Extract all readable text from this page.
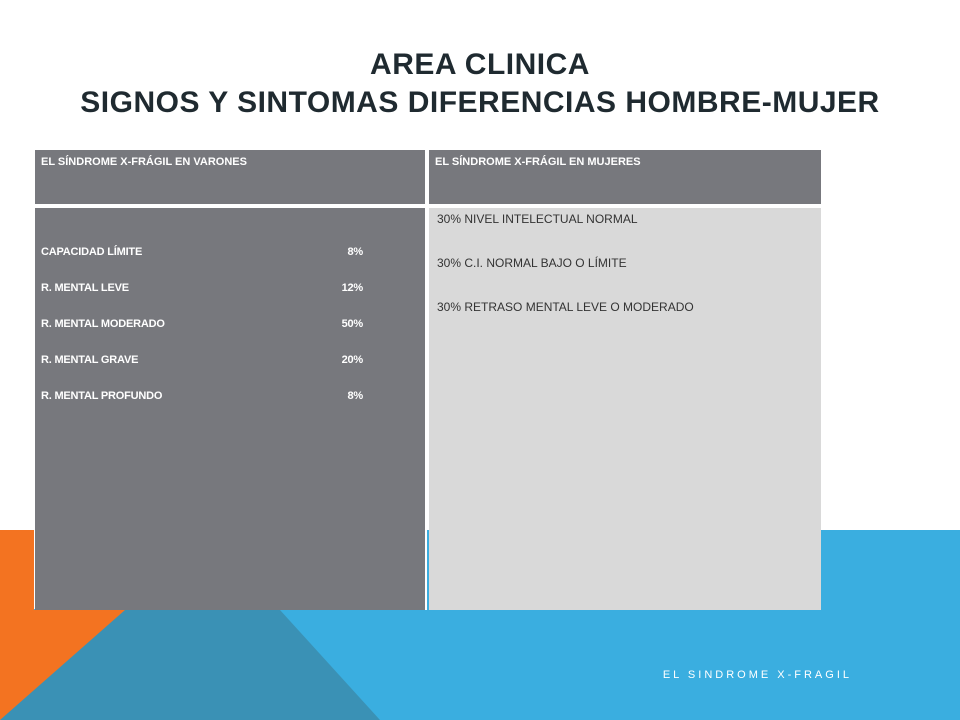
AREA CLINICA
SIGNOS Y SINTOMAS DIFERENCIAS HOMBRE-MUJER
EL SÍNDROME X-FRÁGIL EN VARONES	EL SÍNDROME X-FRÁGIL EN MUJERES
CAPACIDAD LÍMITE	8%
R. MENTAL LEVE	12%
R. MENTAL MODERADO	50%
R. MENTAL GRAVE	20%
R. MENTAL PROFUNDO	8%
30% NIVEL INTELECTUAL NORMAL
30% C.I. NORMAL BAJO O LÍMITE
30% RETRASO MENTAL LEVE O MODERADO
EL SINDROME X-FRAGIL
